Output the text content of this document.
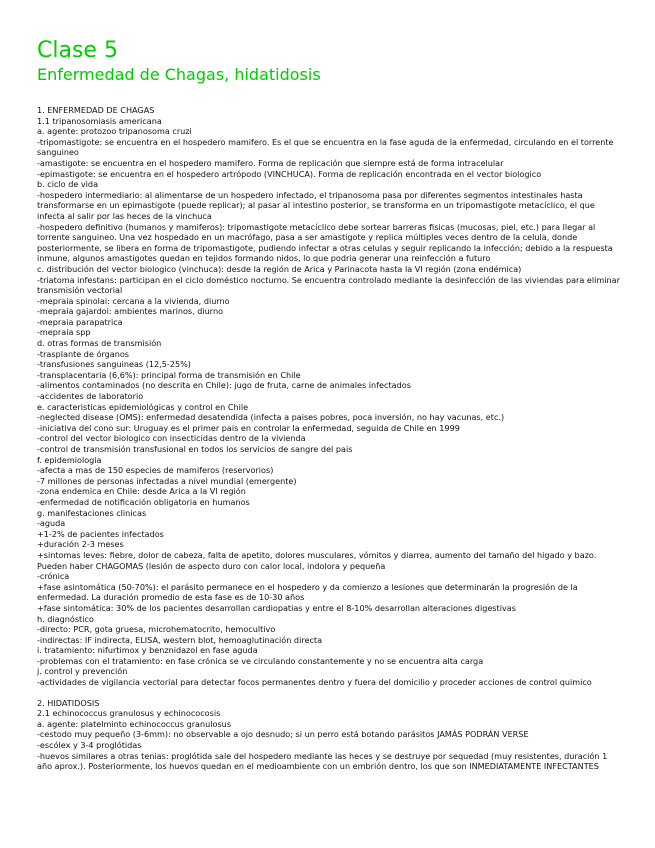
Clase 5
Enfermedad de Chagas, hidatidosis

1. ENFERMEDAD DE CHAGAS

1.1 tripanosomiasis americana

a. agente: protozoo tripanosoma cruzi

-tripomastigote: se encuentra en el hospedero mamifero. Es el que se encuentra en la fase aguda de la enfermedad, circulando en el torrente sanguineo

-amastigote: se encuentra en el hospedero mamifero. Forma de replicación que siempre está de forma intracelular

-epimastigote: se encuentra en el hospedero artrópodo (VINCHUCA). Forma de replicación encontrada en el vector biologico

b. ciclo de vida

-hospedero intermediario: al alimentarse de un hospedero infectado, el tripanosoma pasa por diferentes segmentos intestinales hasta transformarse en un epimastigote (puede replicar); al pasar al intestino posterior, se transforma en un tripomastigote metacíclico, el que infecta al salir por las heces de la vinchuca

-hospedero definitivo (humanos y mamiferos): tripomastigote metacíclico debe sortear barreras fisicas (mucosas, piel, etc.) para llegar al torrente sanguineo. Una vez hospedado en un macrófago, pasa a ser amastigote y replica múltiples veces dentro de la celula, donde posteriormente, se libera en forma de tripomastigote, pudiendo infectar a otras celulas y seguir replicando la infección; debido a la respuesta inmune, algunos amastigotes quedan en tejidos formando nidos, lo que podria generar una reinfección a futuro

c. distribución del vector biologico (vinchuca): desde la región de Arica y Parinacota hasta la VI región (zona endémica)

-triatoma infestans: participan en el ciclo doméstico nocturno. Se encuentra controlado mediante la desinfección de las viviendas para eliminar transmisión vectorial

-mepraia spinolai: cercana a la vivienda, diurno

-mepraia gajardoi: ambientes marinos, diurno

-mepraia parapatrica

-mepraia spp

d. otras formas de transmisión

-trasplante de órganos

-transfusiones sanguineas (12,5-25%)

-transplacentaria (6,6%): principal forma de transmisión en Chile

-alimentos contaminados (no descrita en Chile): jugo de fruta, carne de animales infectados

-accidentes de laboratorio

e. caracteristicas epidemiológicas y control en Chile

-neglected disease (OMS): enfermedad desatendida (infecta a paises pobres, poca inversión, no hay vacunas, etc.)

-iniciativa del cono sur: Uruguay es el primer pais en controlar la enfermedad, seguida de Chile en 1999

-control del vector biologico con insecticidas dentro de la vivienda

-control de transmisión transfusional en todos los servicios de sangre del pais

f. epidemiologia

-afecta a mas de 150 especies de mamiferos (reservorios)

-7 millones de personas infectadas a nivel mundial (emergente)

-zona endemica en Chile: desde Arica a la VI región

-enfermedad de notificación obligatoria en humanos

g. manifestaciones clinicas

-aguda

+1-2% de pacientes infectados

+duración 2-3 meses

+sintomas leves: fiebre, dolor de cabeza, falta de apetito, dolores musculares, vómitos y diarrea, aumento del tamaño del higado y bazo. Pueden haber CHAGOMAS (lesión de aspecto duro con calor local, indolora y pequeña

-crónica

+fase asintomática (50-70%): el parásito permanece en el hospedero y da comienzo a lesiones que determinarán la progresión de la enfermedad. La duración promedio de esta fase es de 10-30 años

+fase sintomática: 30% de los pacientes desarrollan cardiopatias y entre el 8-10% desarrollan alteraciones digestivas

h. diagnóstico

-directo: PCR, gota gruesa, microhematocrito, hemocultivo

-indirectas: IF indirecta, ELISA, western blot, hemoaglutinación directa

i. tratamiento: nifurtimox y benznidazol en fase aguda

-problemas con el tratamiento: en fase crónica se ve circulando constantemente y no se encuentra alta carga

j. control y prevención

-actividades de vigilancia vectorial para detectar focos permanentes dentro y fuera del domicilio y proceder acciones de control quimico

2. HIDATIDOSIS

2.1 echinococcus granulosus y echinococosis

a. agente: platelminto echinococcus granulosus

-cestodo muy pequeño (3-6mm): no observable a ojo desnudo; si un perro está botando parásitos JAMÁS PODRÁN VERSE

-escólex y 3-4 proglótidas

-huevos similares a otras tenias: proglótida sale del hospedero mediante las heces y se destruye por sequedad (muy resistentes, duración 1 año aprox.). Posteriormente, los huevos quedan en el medioambiente con un embrión dentro, los que son INMEDIATAMENTE INFECTANTES
